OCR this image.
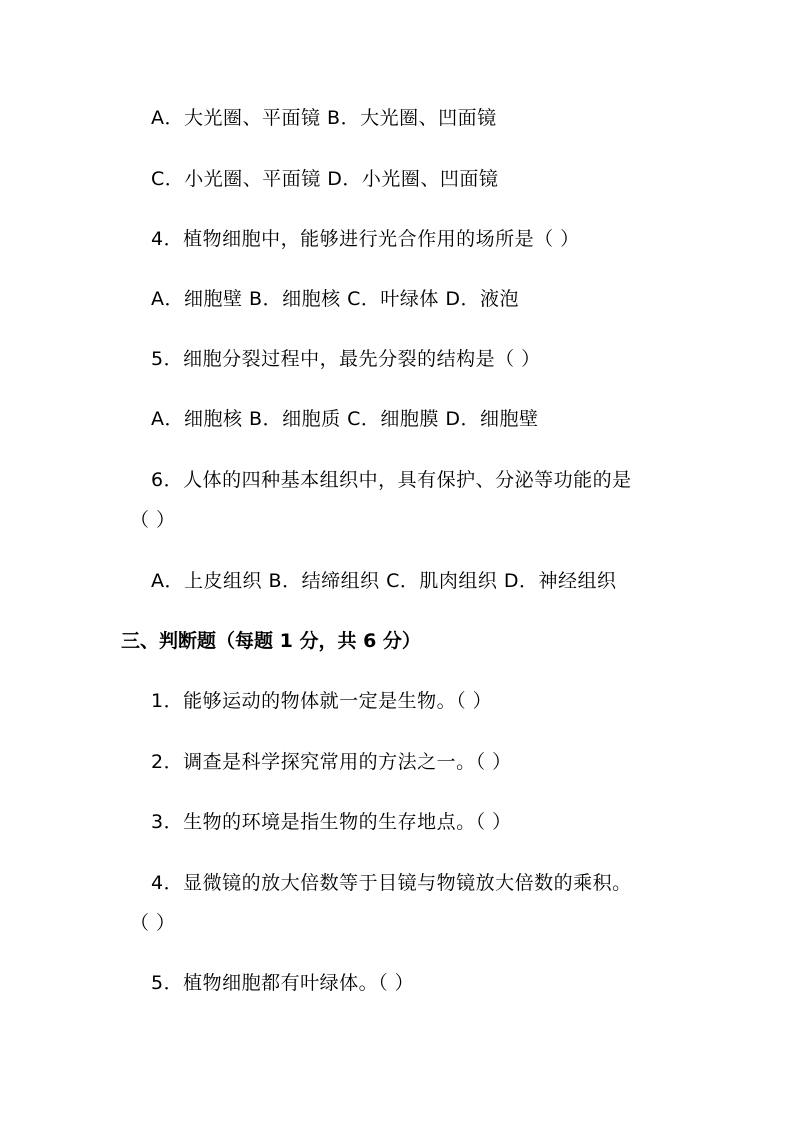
A．大光圈、平面镜 B．大光圈、凹面镜
C．小光圈、平面镜 D．小光圈、凹面镜
4．植物细胞中，能够进行光合作用的场所是（ ）
A．细胞壁 B．细胞核 C．叶绿体 D．液泡
5．细胞分裂过程中，最先分裂的结构是（ ）
A．细胞核 B．细胞质 C．细胞膜 D．细胞壁
6．人体的四种基本组织中，具有保护、分泌等功能的是
（ ）
A．上皮组织 B．结缔组织 C．肌肉组织 D．神经组织
三、判断题（每题 1 分，共 6 分）
1．能够运动的物体就一定是生物。（ ）
2．调查是科学探究常用的方法之一。（ ）
3．生物的环境是指生物的生存地点。（ ）
4．显微镜的放大倍数等于目镜与物镜放大倍数的乘积。
（ ）
5．植物细胞都有叶绿体。（ ）
